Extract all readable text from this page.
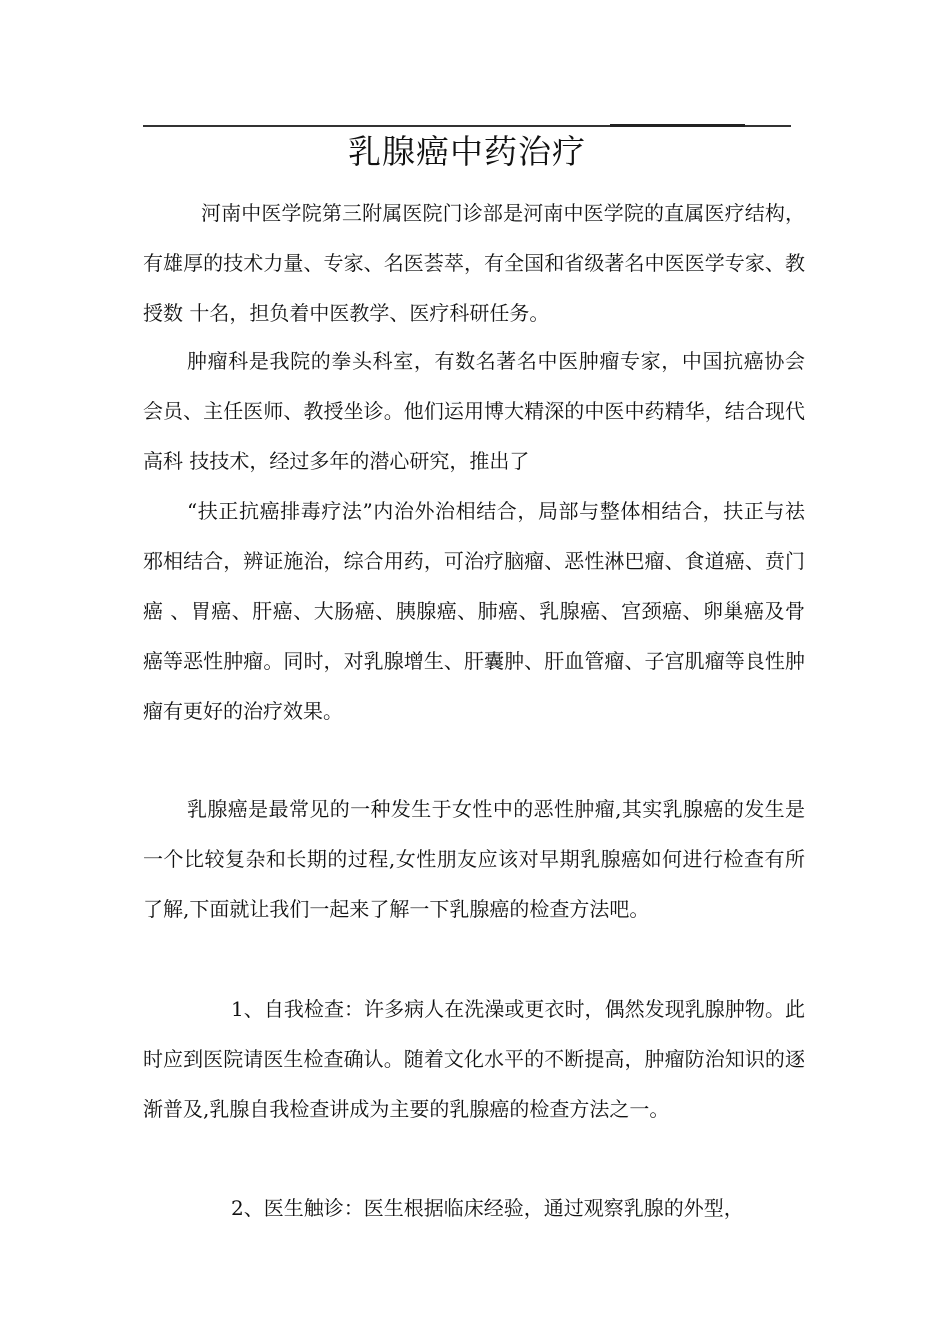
乳腺癌中药治疗

河南中医学院第三附属医院门诊部是河南中医学院的直属医疗结构，有雄厚的技术力量、专家、名医荟萃，有全国和省级著名中医医学专家、教授数 十名，担负着中医教学、医疗科研任务。

肿瘤科是我院的拳头科室，有数名著名中医肿瘤专家，中国抗癌协会会员、主任医师、教授坐诊。他们运用博大精深的中医中药精华，结合现代高科 技技术，经过多年的潜心研究，推出了

“扶正抗癌排毒疗法”内治外治相结合，局部与整体相结合，扶正与祛邪相结合，辨证施治，综合用药，可治疗脑瘤、恶性淋巴瘤、食道癌、贲门癌 、胃癌、肝癌、大肠癌、胰腺癌、肺癌、乳腺癌、宫颈癌、卵巢癌及骨癌等恶性肿瘤。同时，对乳腺增生、肝囊肿、肝血管瘤、子宫肌瘤等良性肿瘤有更好的治疗效果。

乳腺癌是最常见的一种发生于女性中的恶性肿瘤,其实乳腺癌的发生是一个比较复杂和长期的过程,女性朋友应该对早期乳腺癌如何进行检查有所了解,下面就让我们一起来了解一下乳腺癌的检查方法吧。

1、自我检查：许多病人在洗澡或更衣时，偶然发现乳腺肿物。此时应到医院请医生检查确认。随着文化水平的不断提高，肿瘤防治知识的逐渐普及,乳腺自我检查讲成为主要的乳腺癌的检查方法之一。

2、医生触诊：医生根据临床经验，通过观察乳腺的外型，
